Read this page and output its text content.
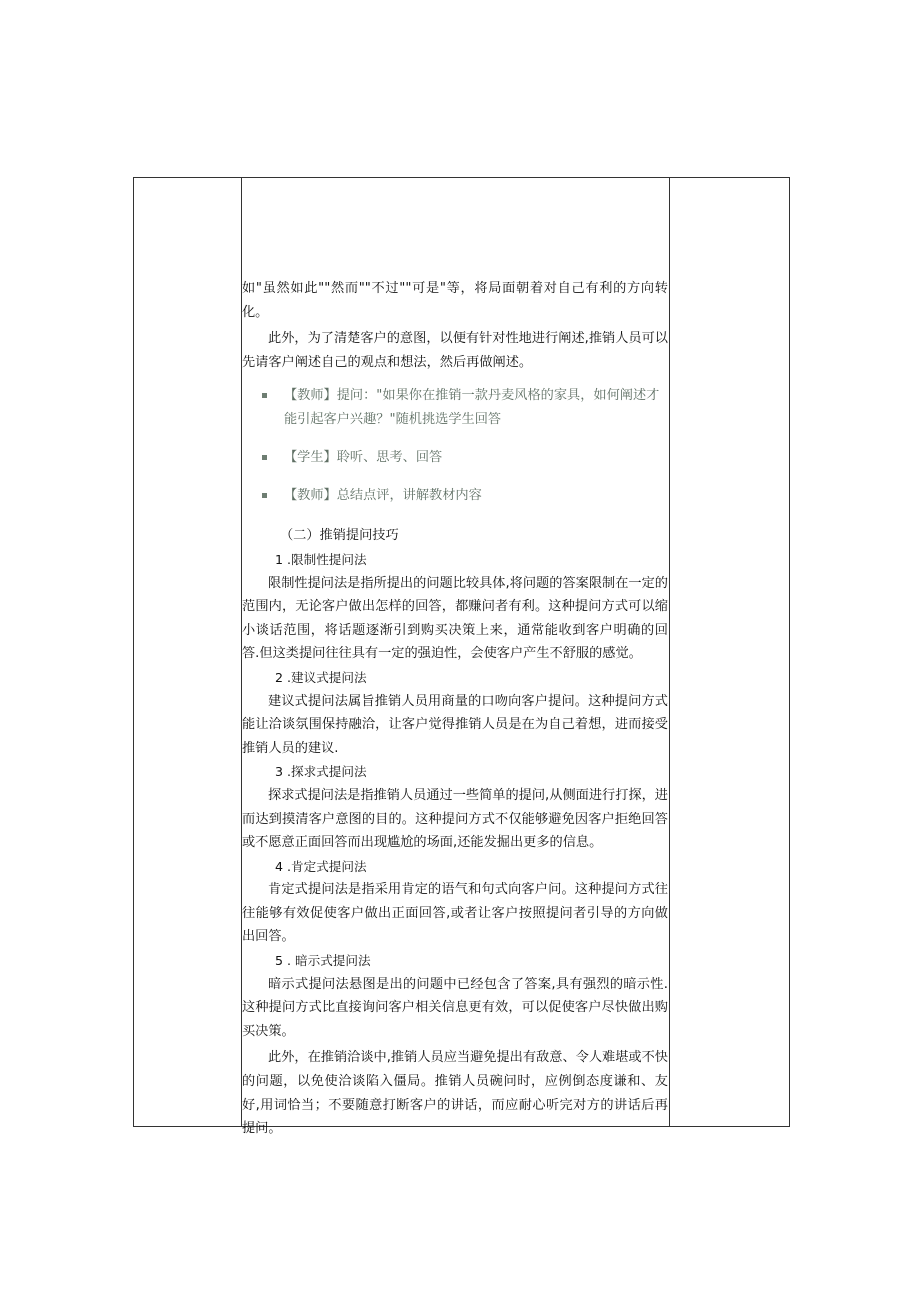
如"虽然如此""然而""不过""可是"等，将局面朝着对自己有利的方向转化。

此外，为了清楚客户的意图，以便有针对性地进行阐述,推销人员可以先请客户阐述自己的观点和想法，然后再做阐述。

【教师】提问："如果你在推销一款丹麦风格的家具，如何阐述才能引起客户兴趣？"随机挑选学生回答
【学生】聆听、思考、回答
【教师】总结点评，讲解教材内容

（二）推销提问技巧

1 .限制性提问法

限制性提问法是指所提出的问题比较具体,将问题的答案限制在一定的范围内，无论客户做出怎样的回答，都赚问者有利。这种提问方式可以缩小谈话范围，将话题逐渐引到购买决策上来，通常能收到客户明确的回答.但这类提问往往具有一定的强迫性，会使客户产生不舒服的感觉。

2 .建议式提问法

建议式提问法属旨推销人员用商量的口吻向客户提问。这种提问方式能让洽谈氛围保持融洽，让客户觉得推销人员是在为自己着想，进而接受推销人员的建议.

3 .探求式提问法

探求式提问法是指推销人员通过一些简单的提问,从侧面进行打探，进而达到摸清客户意图的目的。这种提问方式不仅能够避免因客户拒绝回答或不愿意正面回答而出现尴尬的场面,还能发掘出更多的信息。

4 .肯定式提问法

肯定式提问法是指采用肯定的语气和句式向客户问。这种提问方式往往能够有效促使客户做出正面回答,或者让客户按照提问者引导的方向做出回答。

5 . 暗示式提问法

暗示式提问法悬图是出的问题中已经包含了答案,具有强烈的暗示性.这种提问方式比直接询问客户相关信息更有效，可以促使客户尽快做出购买决策。

此外，在推销洽谈中,推销人员应当避免提出有敌意、令人难堪或不快的问题，以免使洽谈陷入僵局。推销人员碗问时，应例倒态度谦和、友好,用词恰当；不要随意打断客户的讲话，而应耐心听完对方的讲话后再提问。
